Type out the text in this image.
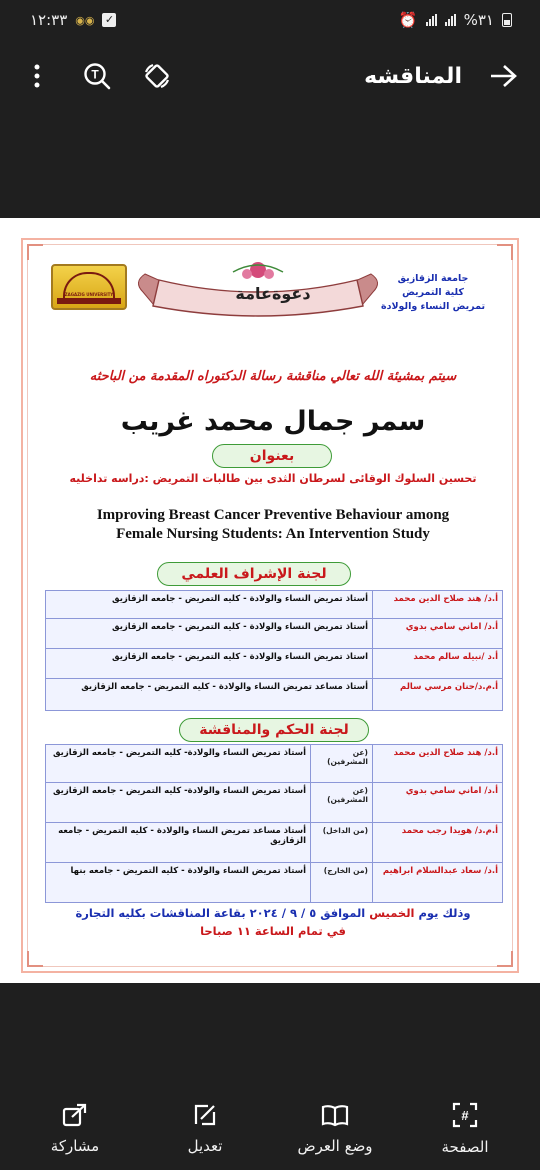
١٢:٣٣ ◉◉ ✓	⏰	%٣١
T	المناقشه
جامعة الزقازيق
كلية التمريض
تمريض النساء والولادة
ZAGAZIG UNIVERSITY	دعوةعامة
سيتم بمشيئة الله تعالي مناقشة رسالة الدكتوراه المقدمة من الباحثه
سمر جمال محمد غريب
بعنوان
تحسين السلوك الوقائى لسرطان الثدى بين طالبات التمريض :دراسه تداخليه
Improving Breast Cancer Preventive Behaviour among
Female Nursing Students: An Intervention Study
لجنة الإشراف العلمي
أ.د/ هند صلاح الدين محمد	أستاذ تمريض النساء والولادة - كليه التمريض - جامعه الزقازيق
أ.د/ اماني سامي بدوي	أستاذ تمريض النساء والولادة - كليه التمريض - جامعه الزقازيق
أ.د /نبيله سالم محمد	استاذ تمريض النساء والولادة - كليه التمريض - جامعه الزقازيق
أ.م.د/حنان مرسي سالم	أستاذ مساعد تمريض النساء والولادة - كليه التمريض - جامعه الزقازيق
لجنة الحكم والمناقشة
أ.د/ هند صلاح الدين محمد	(عن المشرفين)	أستاذ تمريض النساء والولادة- كليه التمريض - جامعه الزقازيق
أ.د/ اماني سامي بدوي	(عن المشرفين)	أستاذ تمريض النساء والولادة- كليه التمريض - جامعه الزقازيق
أ.م.د/ هويدا رجب محمد	(من الداخل)	أستاذ مساعد تمريض النساء والولادة - كليه التمريض - جامعه الزقازيق
أ.د/ سعاد عبدالسلام ابراهيم	(من الخارج)	أستاذ تمريض النساء والولادة - كليه التمريض - جامعه بنها
وذلك يوم الخميس الموافق ٥ / ٩ / ٢٠٢٤ بقاعة المناقشات بكليه التجارة
في تمام الساعة ١١ صباحا
مشاركة	تعديل	وضع العرض
#
الصفحة
